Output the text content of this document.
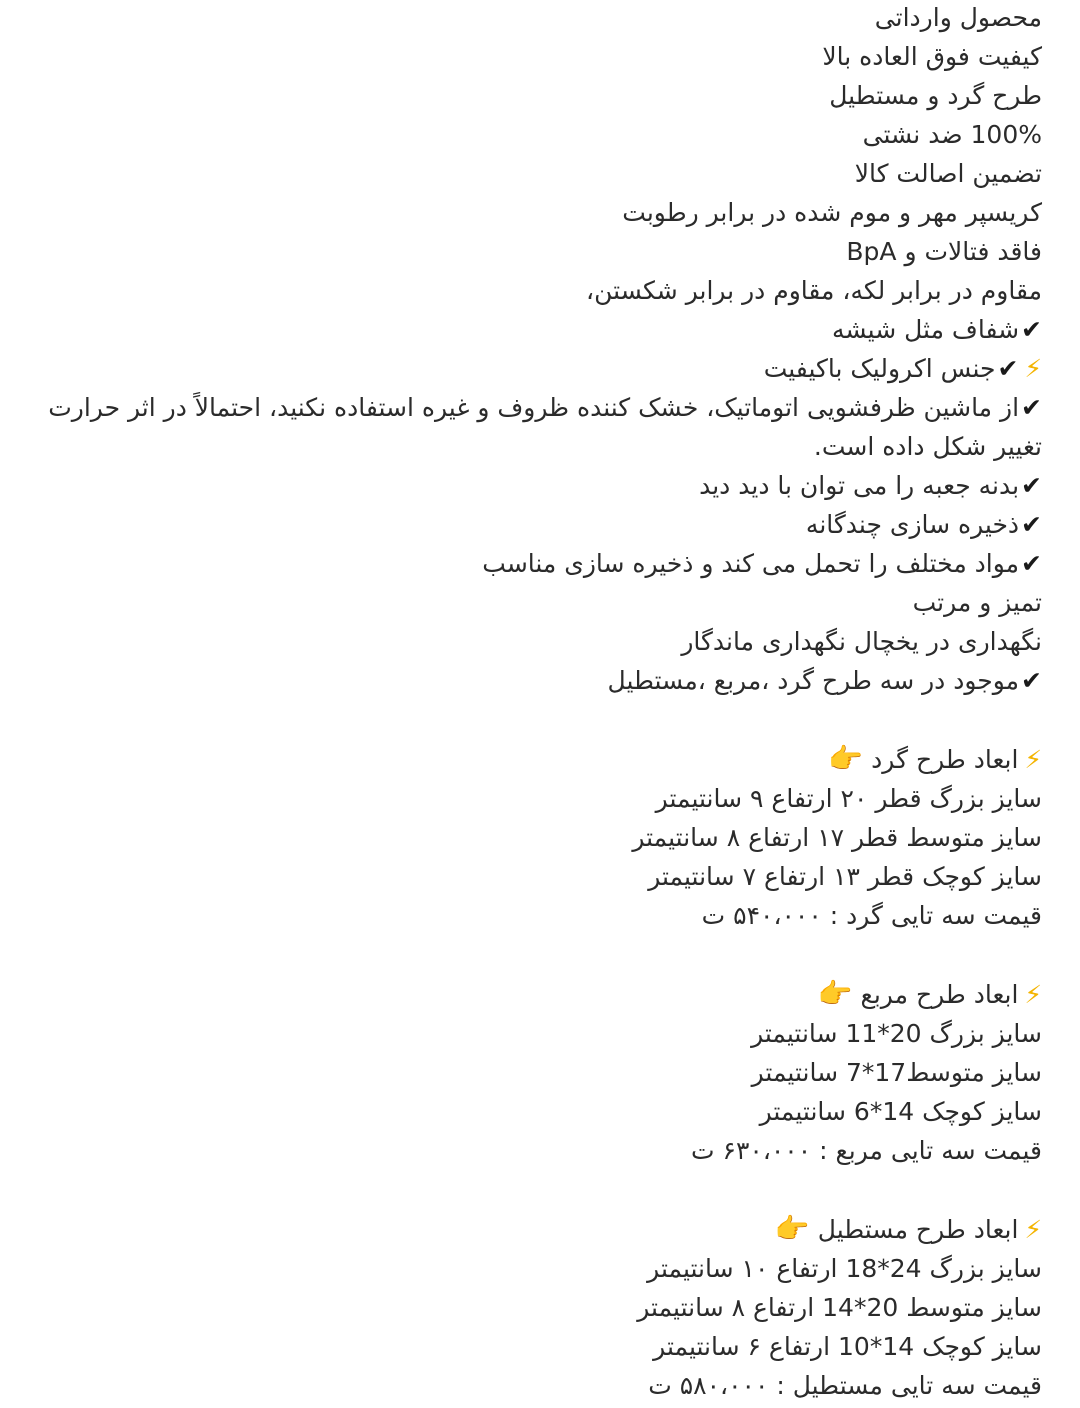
محصول وارداتی
کیفیت فوق العاده بالا
طرح گرد و مستطیل
100% ضد نشتی
تضمین اصالت کالا
کریسپر مهر و موم شده در برابر رطوبت
فاقد فتالات و BpA
مقاوم در برابر لکه، مقاوم در برابر شکستن،
✔شفاف مثل شیشه
⚡✔جنس اکرولیک باکیفیت
✔از ماشین ظرفشویی اتوماتیک، خشک کننده ظروف و غیره استفاده نکنید، احتمالاً در اثر حرارت تغییر شکل داده است.
✔بدنه جعبه را می توان با دید دید
✔ذخیره سازی چندگانه
✔مواد مختلف را تحمل می کند و ذخیره سازی مناسب
تمیز و مرتب
نگهداری در یخچال نگهداری ماندگار
✔موجود در سه طرح گرد ،مربع ،مستطیل
⚡ابعاد طرح گرد👉
سایز بزرگ قطر ۲۰ ارتفاع ۹ سانتیمتر
سایز متوسط قطر ۱۷ ارتفاع ۸ سانتیمتر
سایز کوچک قطر ۱۳ ارتفاع ۷ سانتیمتر
قیمت سه تایی گرد : ۵۴۰،۰۰۰ ت
⚡ابعاد طرح مربع👉
سایز بزرگ 20*11 سانتیمتر
سایز متوسط17*7 سانتیمتر
سایز کوچک 14*6 سانتیمتر
قیمت سه تایی مربع : ۶۳۰،۰۰۰ ت
⚡ابعاد طرح مستطیل👉
سایز بزرگ 24*18 ارتفاع ۱۰ سانتیمتر
سایز متوسط 20*14 ارتفاع ۸ سانتیمتر
سایز کوچک 14*10 ارتفاع ۶ سانتیمتر
قیمت سه تایی مستطیل : ۵۸۰،۰۰۰ ت
